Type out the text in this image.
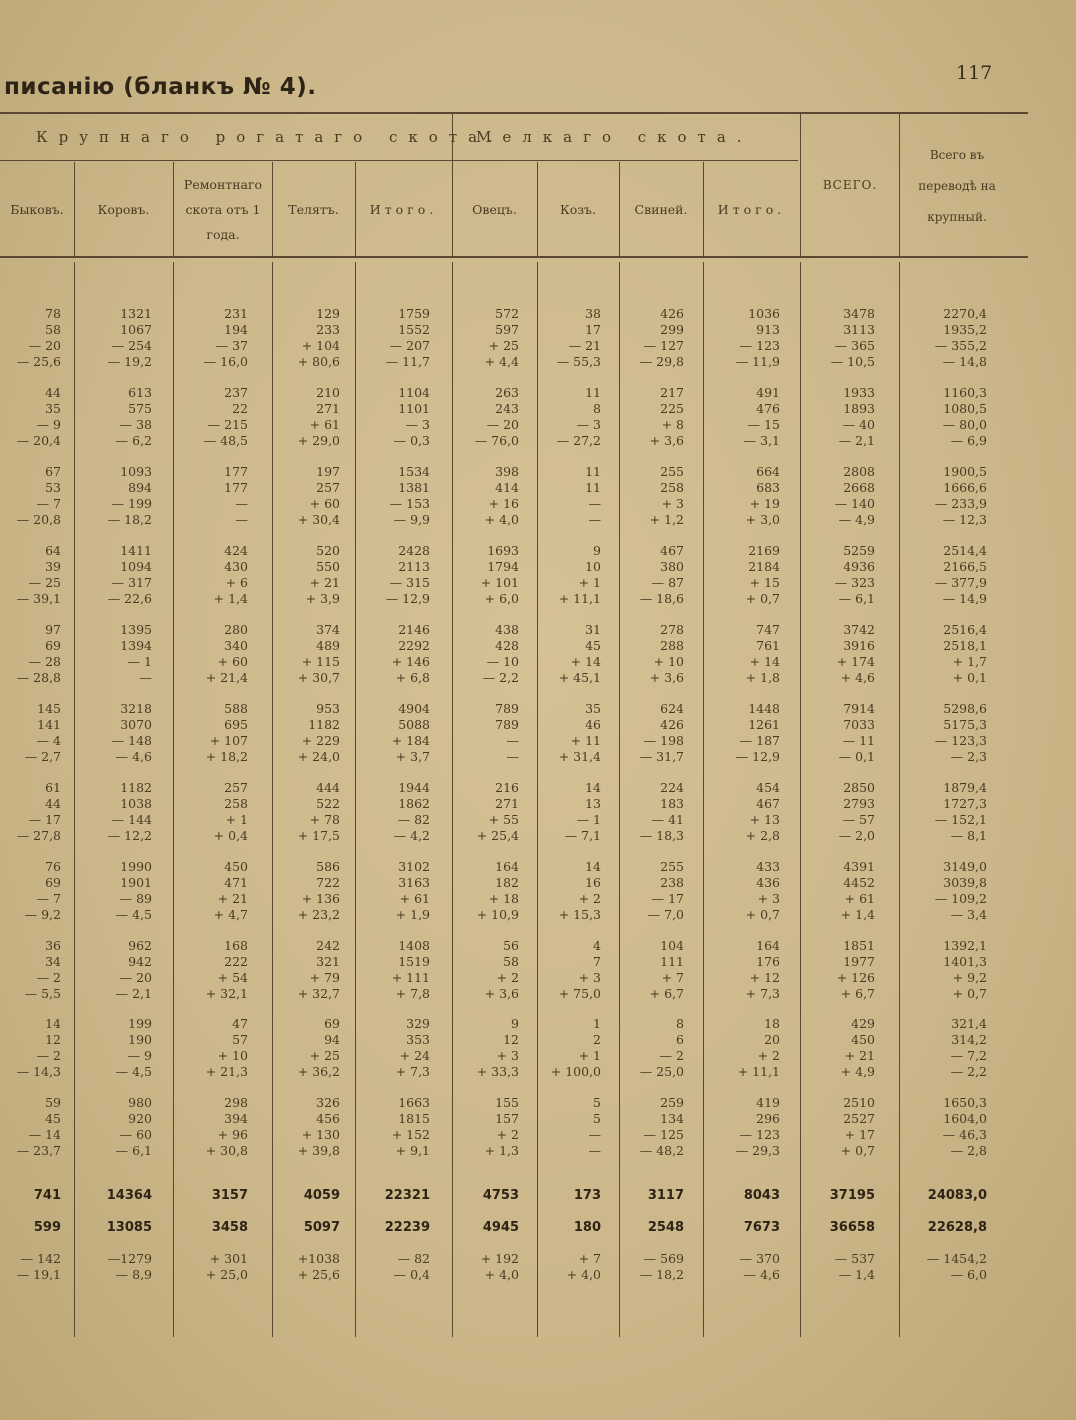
писанію (бланкъ № 4).
117
Крупнаго рогатаго скота.
Мелкаго скота.
ВСЕГО.
Всего въ переводѣ на крупный.
Быковъ.	Коровъ.
Ремонтнаго скота отъ 1 года.
Телятъ.	Итого.	Овецъ.	Козъ.	Свиней.	Итого.
78	1321	231	129	1759	572	38	426	1036	3478	2270,4
58	1067	194	233	1552	597	17	299	913	3113	1935,2
— 20	— 254	— 37	+ 104	— 207	+ 25	— 21	— 127	— 123	— 365	— 355,2
— 25,6	— 19,2	— 16,0	+ 80,6	— 11,7	+ 4,4	— 55,3	— 29,8	— 11,9	— 10,5	— 14,8
44	613	237	210	1104	263	11	217	491	1933	1160,3
35	575	22	271	1101	243	8	225	476	1893	1080,5
— 9	— 38	— 215	+ 61	— 3	— 20	— 3	+ 8	— 15	— 40	— 80,0
— 20,4	— 6,2	— 48,5	+ 29,0	— 0,3	— 76,0	— 27,2	+ 3,6	— 3,1	— 2,1	— 6,9
67	1093	177	197	1534	398	11	255	664	2808	1900,5
53	894	177	257	1381	414	11	258	683	2668	1666,6
— 7	— 199	—	+ 60	— 153	+ 16	—	+ 3	+ 19	— 140	— 233,9
— 20,8	— 18,2	—	+ 30,4	— 9,9	+ 4,0	—	+ 1,2	+ 3,0	— 4,9	— 12,3
64	1411	424	520	2428	1693	9	467	2169	5259	2514,4
39	1094	430	550	2113	1794	10	380	2184	4936	2166,5
— 25	— 317	+ 6	+ 21	— 315	+ 101	+ 1	— 87	+ 15	— 323	— 377,9
— 39,1	— 22,6	+ 1,4	+ 3,9	— 12,9	+ 6,0	+ 11,1	— 18,6	+ 0,7	— 6,1	— 14,9
97	1395	280	374	2146	438	31	278	747	3742	2516,4
69	1394	340	489	2292	428	45	288	761	3916	2518,1
— 28	— 1	+ 60	+ 115	+ 146	— 10	+ 14	+ 10	+ 14	+ 174	+ 1,7
— 28,8	—	+ 21,4	+ 30,7	+ 6,8	— 2,2	+ 45,1	+ 3,6	+ 1,8	+ 4,6	+ 0,1
145	3218	588	953	4904	789	35	624	1448	7914	5298,6
141	3070	695	1182	5088	789	46	426	1261	7033	5175,3
— 4	— 148	+ 107	+ 229	+ 184	—	+ 11	— 198	— 187	— 11	— 123,3
— 2,7	— 4,6	+ 18,2	+ 24,0	+ 3,7	—	+ 31,4	— 31,7	— 12,9	— 0,1	— 2,3
61	1182	257	444	1944	216	14	224	454	2850	1879,4
44	1038	258	522	1862	271	13	183	467	2793	1727,3
— 17	— 144	+ 1	+ 78	— 82	+ 55	— 1	— 41	+ 13	— 57	— 152,1
— 27,8	— 12,2	+ 0,4	+ 17,5	— 4,2	+ 25,4	— 7,1	— 18,3	+ 2,8	— 2,0	— 8,1
76	1990	450	586	3102	164	14	255	433	4391	3149,0
69	1901	471	722	3163	182	16	238	436	4452	3039,8
— 7	— 89	+ 21	+ 136	+ 61	+ 18	+ 2	— 17	+ 3	+ 61	— 109,2
— 9,2	— 4,5	+ 4,7	+ 23,2	+ 1,9	+ 10,9	+ 15,3	— 7,0	+ 0,7	+ 1,4	— 3,4
36	962	168	242	1408	56	4	104	164	1851	1392,1
34	942	222	321	1519	58	7	111	176	1977	1401,3
— 2	— 20	+ 54	+ 79	+ 111	+ 2	+ 3	+ 7	+ 12	+ 126	+ 9,2
— 5,5	— 2,1	+ 32,1	+ 32,7	+ 7,8	+ 3,6	+ 75,0	+ 6,7	+ 7,3	+ 6,7	+ 0,7
14	199	47	69	329	9	1	8	18	429	321,4
12	190	57	94	353	12	2	6	20	450	314,2
— 2	— 9	+ 10	+ 25	+ 24	+ 3	+ 1	— 2	+ 2	+ 21	— 7,2
— 14,3	— 4,5	+ 21,3	+ 36,2	+ 7,3	+ 33,3	+ 100,0	— 25,0	+ 11,1	+ 4,9	— 2,2
59	980	298	326	1663	155	5	259	419	2510	1650,3
45	920	394	456	1815	157	5	134	296	2527	1604,0
— 14	— 60	+ 96	+ 130	+ 152	+ 2	—	— 125	— 123	+ 17	— 46,3
— 23,7	— 6,1	+ 30,8	+ 39,8	+ 9,1	+ 1,3	—	— 48,2	— 29,3	+ 0,7	— 2,8
741	14364	3157	4059	22321	4753	173	3117	8043	37195	24083,0
599	13085	3458	5097	22239	4945	180	2548	7673	36658	22628,8
— 142	—1279	+ 301	+1038	— 82	+ 192	+ 7	— 569	— 370	— 537	— 1454,2
— 19,1	— 8,9	+ 25,0	+ 25,6	— 0,4	+ 4,0	+ 4,0	— 18,2	— 4,6	— 1,4	— 6,0
